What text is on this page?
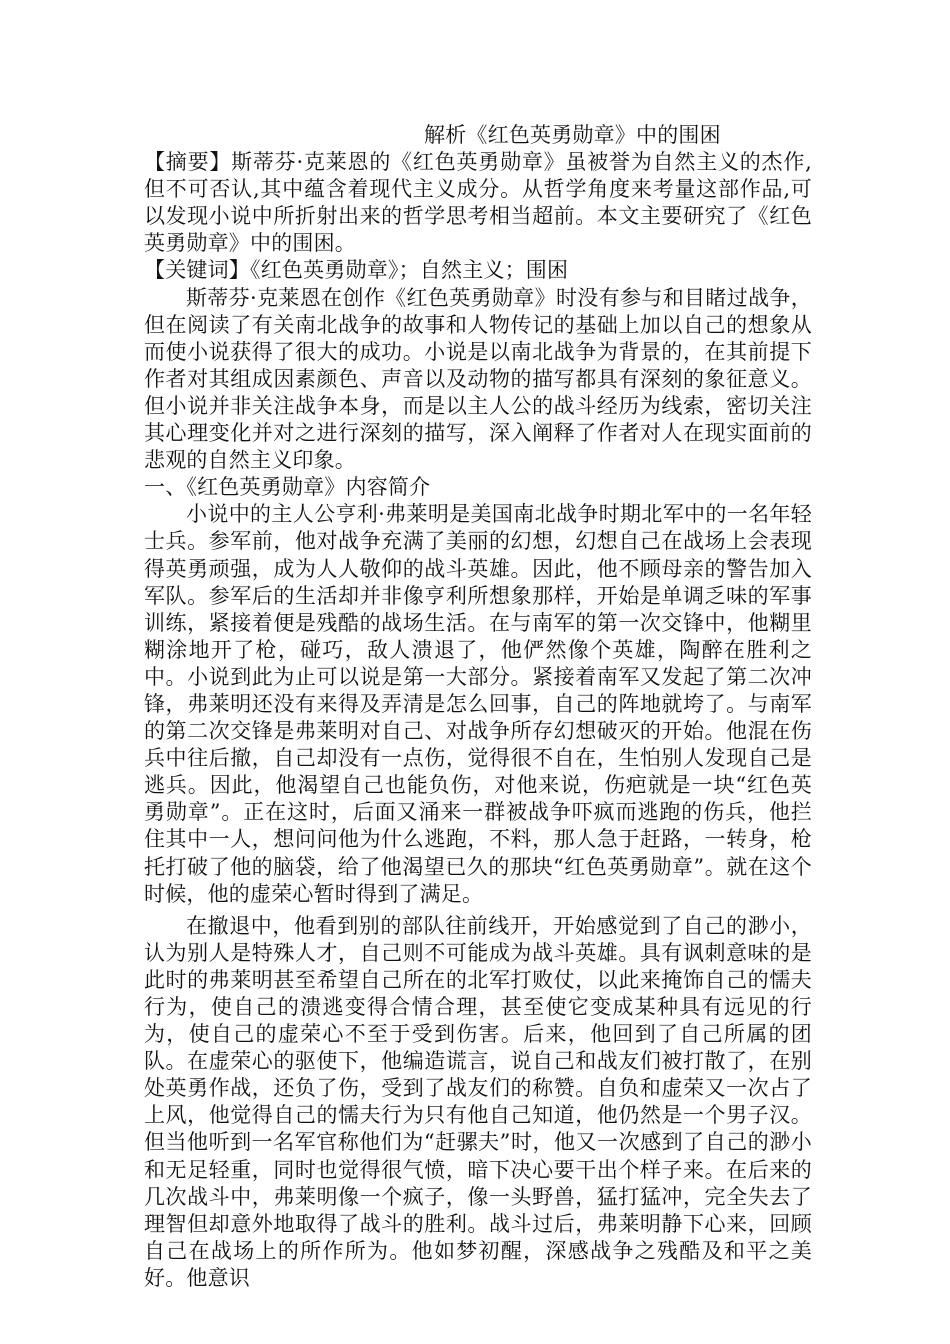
解析《红色英勇勋章》中的围困

【摘要】斯蒂芬·克莱恩的《红色英勇勋章》虽被誉为自然主义的杰作,但不可否认,其中蕴含着现代主义成分。从哲学角度来考量这部作品,可以发现小说中所折射出来的哲学思考相当超前。本文主要研究了《红色英勇勋章》中的围困。

【关键词】《红色英勇勋章》；自然主义；围困

斯蒂芬·克莱恩在创作《红色英勇勋章》时没有参与和目睹过战争，但在阅读了有关南北战争的故事和人物传记的基础上加以自己的想象从而使小说获得了很大的成功。小说是以南北战争为背景的，在其前提下作者对其组成因素颜色、声音以及动物的描写都具有深刻的象征意义。但小说并非关注战争本身，而是以主人公的战斗经历为线索，密切关注其心理变化并对之进行深刻的描写，深入阐释了作者对人在现实面前的悲观的自然主义印象。

一、《红色英勇勋章》内容简介

小说中的主人公亨利·弗莱明是美国南北战争时期北军中的一名年轻士兵。参军前，他对战争充满了美丽的幻想，幻想自己在战场上会表现得英勇顽强，成为人人敬仰的战斗英雄。因此，他不顾母亲的警告加入军队。参军后的生活却并非像亨利所想象那样，开始是单调乏味的军事训练，紧接着便是残酷的战场生活。在与南军的第一次交锋中，他糊里糊涂地开了枪，碰巧，敌人溃退了，他俨然像个英雄，陶醉在胜利之中。小说到此为止可以说是第一大部分。紧接着南军又发起了第二次冲锋，弗莱明还没有来得及弄清是怎么回事，自己的阵地就垮了。与南军的第二次交锋是弗莱明对自己、对战争所存幻想破灭的开始。他混在伤兵中往后撤，自己却没有一点伤，觉得很不自在，生怕别人发现自己是逃兵。因此，他渴望自己也能负伤，对他来说，伤疤就是一块“红色英勇勋章”。正在这时，后面又涌来一群被战争吓疯而逃跑的伤兵，他拦住其中一人，想问问他为什么逃跑，不料，那人急于赶路，一转身，枪托打破了他的脑袋，给了他渴望已久的那块“红色英勇勋章”。就在这个时候，他的虚荣心暂时得到了满足。

在撤退中，他看到别的部队往前线开，开始感觉到了自己的渺小，认为别人是特殊人才，自己则不可能成为战斗英雄。具有讽刺意味的是此时的弗莱明甚至希望自己所在的北军打败仗，以此来掩饰自己的懦夫行为，使自己的溃逃变得合情合理，甚至使它变成某种具有远见的行为，使自己的虚荣心不至于受到伤害。后来，他回到了自己所属的团队。在虚荣心的驱使下，他编造谎言，说自己和战友们被打散了，在别处英勇作战，还负了伤，受到了战友们的称赞。自负和虚荣又一次占了上风，他觉得自己的懦夫行为只有他自己知道，他仍然是一个男子汉。但当他听到一名军官称他们为“赶骡夫”时，他又一次感到了自己的渺小和无足轻重，同时也觉得很气愤，暗下决心要干出个样子来。在后来的几次战斗中，弗莱明像一个疯子，像一头野兽，猛打猛冲，完全失去了理智但却意外地取得了战斗的胜利。战斗过后，弗莱明静下心来，回顾自己在战场上的所作所为。他如梦初醒，深感战争之残酷及和平之美好。他意识
